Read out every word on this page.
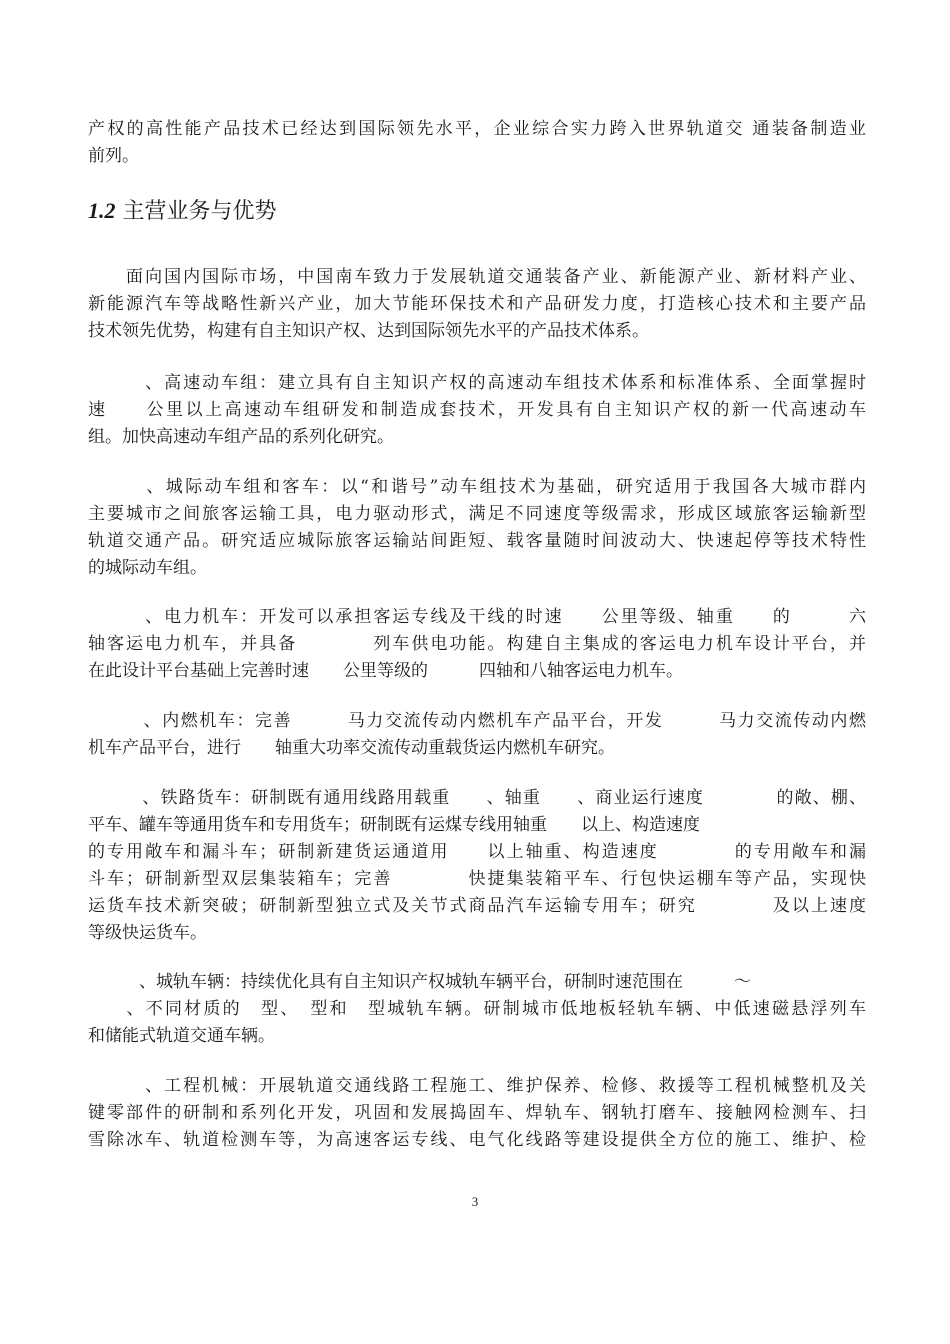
产权的高性能产品技术已经达到国际领先水平，企业综合实力跨入世界轨道交 通装备制造业
前列。

1.2 主营业务与优势

　　面向国内国际市场，中国南车致力于发展轨道交通装备产业、新能源产业、新材料产业、
新能源汽车等战略性新兴产业，加大节能环保技术和产品研发力度，打造核心技术和主要产品
技术领先优势，构建有自主知识产权、达到国际领先水平的产品技术体系。

　　　、高速动车组：建立具有自主知识产权的高速动车组技术体系和标准体系、全面掌握时
速　　公里以上高速动车组研发和制造成套技术，开发具有自主知识产权的新一代高速动车
组。加快高速动车组产品的系列化研究。

　　　、城际动车组和客车：以“和谐号”动车组技术为基础，研究适用于我国各大城市群内
主要城市之间旅客运输工具，电力驱动形式，满足不同速度等级需求，形成区域旅客运输新型
轨道交通产品。研究适应城际旅客运输站间距短、载客量随时间波动大、快速起停等技术特性
的城际动车组。

　　　、电力机车：开发可以承担客运专线及干线的时速　　公里等级、轴重　　的　　　六
轴客运电力机车，并具备　　　　列车供电功能。构建自主集成的客运电力机车设计平台，并
在此设计平台基础上完善时速　　公里等级的　　　四轴和八轴客运电力机车。

　　　、内燃机车：完善　　　马力交流传动内燃机车产品平台，开发　　　马力交流传动内燃
机车产品平台，进行　　轴重大功率交流传动重载货运内燃机车研究。

　　　、铁路货车：研制既有通用线路用载重　　、轴重　　、商业运行速度　　　　的敞、棚、
平车、罐车等通用货车和专用货车；研制既有运煤专线用轴重　　以上、构造速度
的专用敞车和漏斗车；研制新建货运通道用　　以上轴重、构造速度　　　　的专用敞车和漏
斗车；研制新型双层集装箱车；完善　　　　快捷集装箱平车、行包快运棚车等产品，实现快
运货车技术新突破；研制新型独立式及关节式商品汽车运输专用车；研究　　　　及以上速度
等级快运货车。

　　　、城轨车辆：持续优化具有自主知识产权城轨车辆平台，研制时速范围在　　　～
　　、不同材质的　型、　型和　型城轨车辆。研制城市低地板轻轨车辆、中低速磁悬浮列车
和储能式轨道交通车辆。

　　　、工程机械：开展轨道交通线路工程施工、维护保养、检修、救援等工程机械整机及关
键零部件的研制和系列化开发，巩固和发展捣固车、焊轨车、钢轨打磨车、接触网检测车、扫
雪除冰车、轨道检测车等，为高速客运专线、电气化线路等建设提供全方位的施工、维护、检

3
